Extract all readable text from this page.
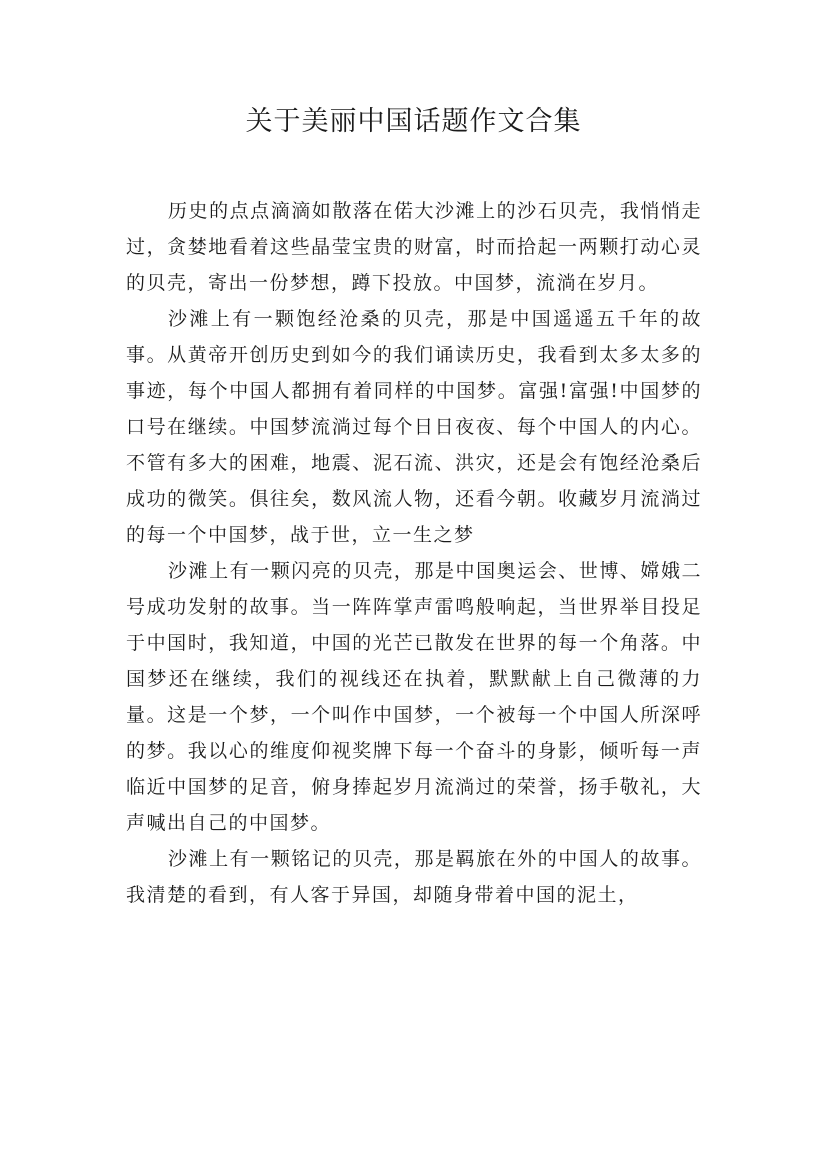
关于美丽中国话题作文合集

历史的点点滴滴如散落在偌大沙滩上的沙石贝壳，我悄悄走过，贪婪地看着这些晶莹宝贵的财富，时而拾起一两颗打动心灵的贝壳，寄出一份梦想，蹲下投放。中国梦，流淌在岁月。

沙滩上有一颗饱经沧桑的贝壳，那是中国遥遥五千年的故事。从黄帝开创历史到如今的我们诵读历史，我看到太多太多的事迹，每个中国人都拥有着同样的中国梦。富强!富强!中国梦的口号在继续。中国梦流淌过每个日日夜夜、每个中国人的内心。不管有多大的困难，地震、泥石流、洪灾，还是会有饱经沧桑后成功的微笑。俱往矣，数风流人物，还看今朝。收藏岁月流淌过的每一个中国梦，战于世，立一生之梦

沙滩上有一颗闪亮的贝壳，那是中国奥运会、世博、嫦娥二号成功发射的故事。当一阵阵掌声雷鸣般响起，当世界举目投足于中国时，我知道，中国的光芒已散发在世界的每一个角落。中国梦还在继续，我们的视线还在执着，默默献上自己微薄的力量。这是一个梦，一个叫作中国梦，一个被每一个中国人所深呼的梦。我以心的维度仰视奖牌下每一个奋斗的身影，倾听每一声临近中国梦的足音，俯身捧起岁月流淌过的荣誉，扬手敬礼，大声喊出自己的中国梦。

沙滩上有一颗铭记的贝壳，那是羁旅在外的中国人的故事。我清楚的看到，有人客于异国，却随身带着中国的泥土，
